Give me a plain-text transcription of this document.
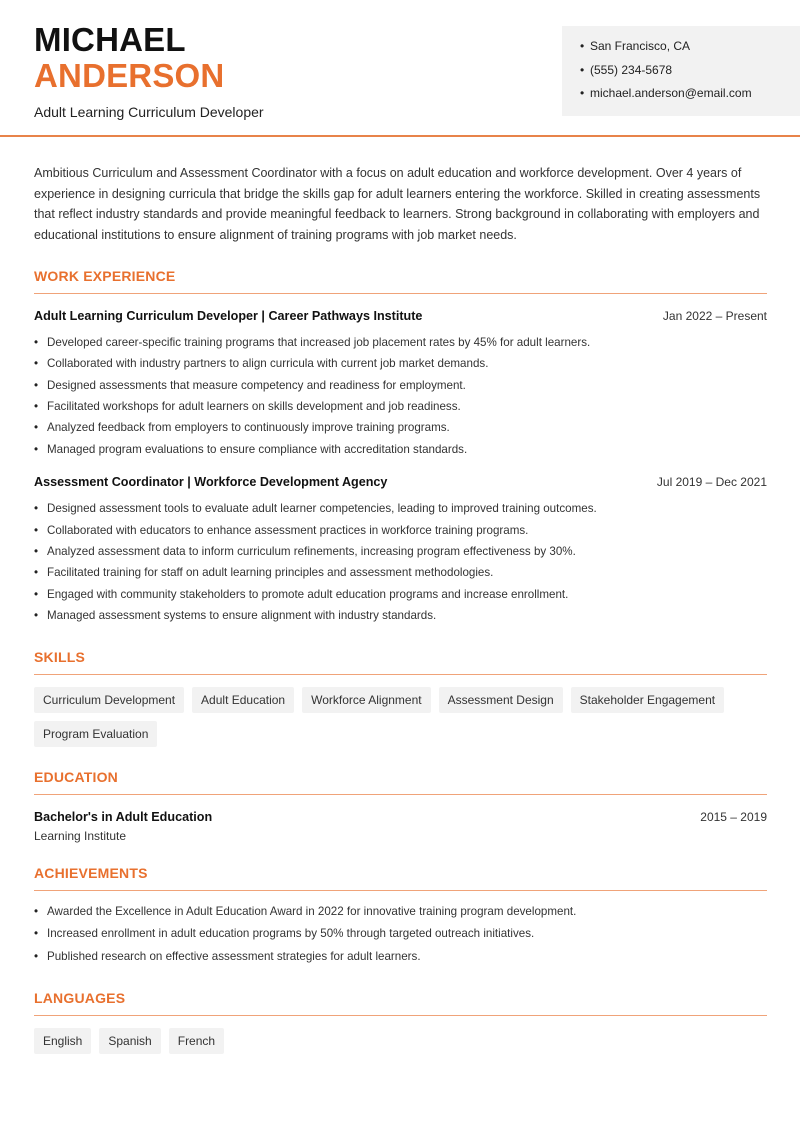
MICHAEL
ANDERSON
Adult Learning Curriculum Developer
• San Francisco, CA
• (555) 234-5678
• michael.anderson@email.com
Ambitious Curriculum and Assessment Coordinator with a focus on adult education and workforce development. Over 4 years of experience in designing curricula that bridge the skills gap for adult learners entering the workforce. Skilled in creating assessments that reflect industry standards and provide meaningful feedback to learners. Strong background in collaborating with employers and educational institutions to ensure alignment of training programs with job market needs.
WORK EXPERIENCE
Adult Learning Curriculum Developer | Career Pathways Institute	Jan 2022 – Present
• Developed career-specific training programs that increased job placement rates by 45% for adult learners.
• Collaborated with industry partners to align curricula with current job market demands.
• Designed assessments that measure competency and readiness for employment.
• Facilitated workshops for adult learners on skills development and job readiness.
• Analyzed feedback from employers to continuously improve training programs.
• Managed program evaluations to ensure compliance with accreditation standards.
Assessment Coordinator | Workforce Development Agency	Jul 2019 – Dec 2021
• Designed assessment tools to evaluate adult learner competencies, leading to improved training outcomes.
• Collaborated with educators to enhance assessment practices in workforce training programs.
• Analyzed assessment data to inform curriculum refinements, increasing program effectiveness by 30%.
• Facilitated training for staff on adult learning principles and assessment methodologies.
• Engaged with community stakeholders to promote adult education programs and increase enrollment.
• Managed assessment systems to ensure alignment with industry standards.
SKILLS
Curriculum Development	Adult Education	Workforce Alignment	Assessment Design	Stakeholder Engagement
Program Evaluation
EDUCATION
Bachelor's in Adult Education	2015 – 2019
Learning Institute
ACHIEVEMENTS
• Awarded the Excellence in Adult Education Award in 2022 for innovative training program development.
• Increased enrollment in adult education programs by 50% through targeted outreach initiatives.
• Published research on effective assessment strategies for adult learners.
LANGUAGES
English	Spanish	French
